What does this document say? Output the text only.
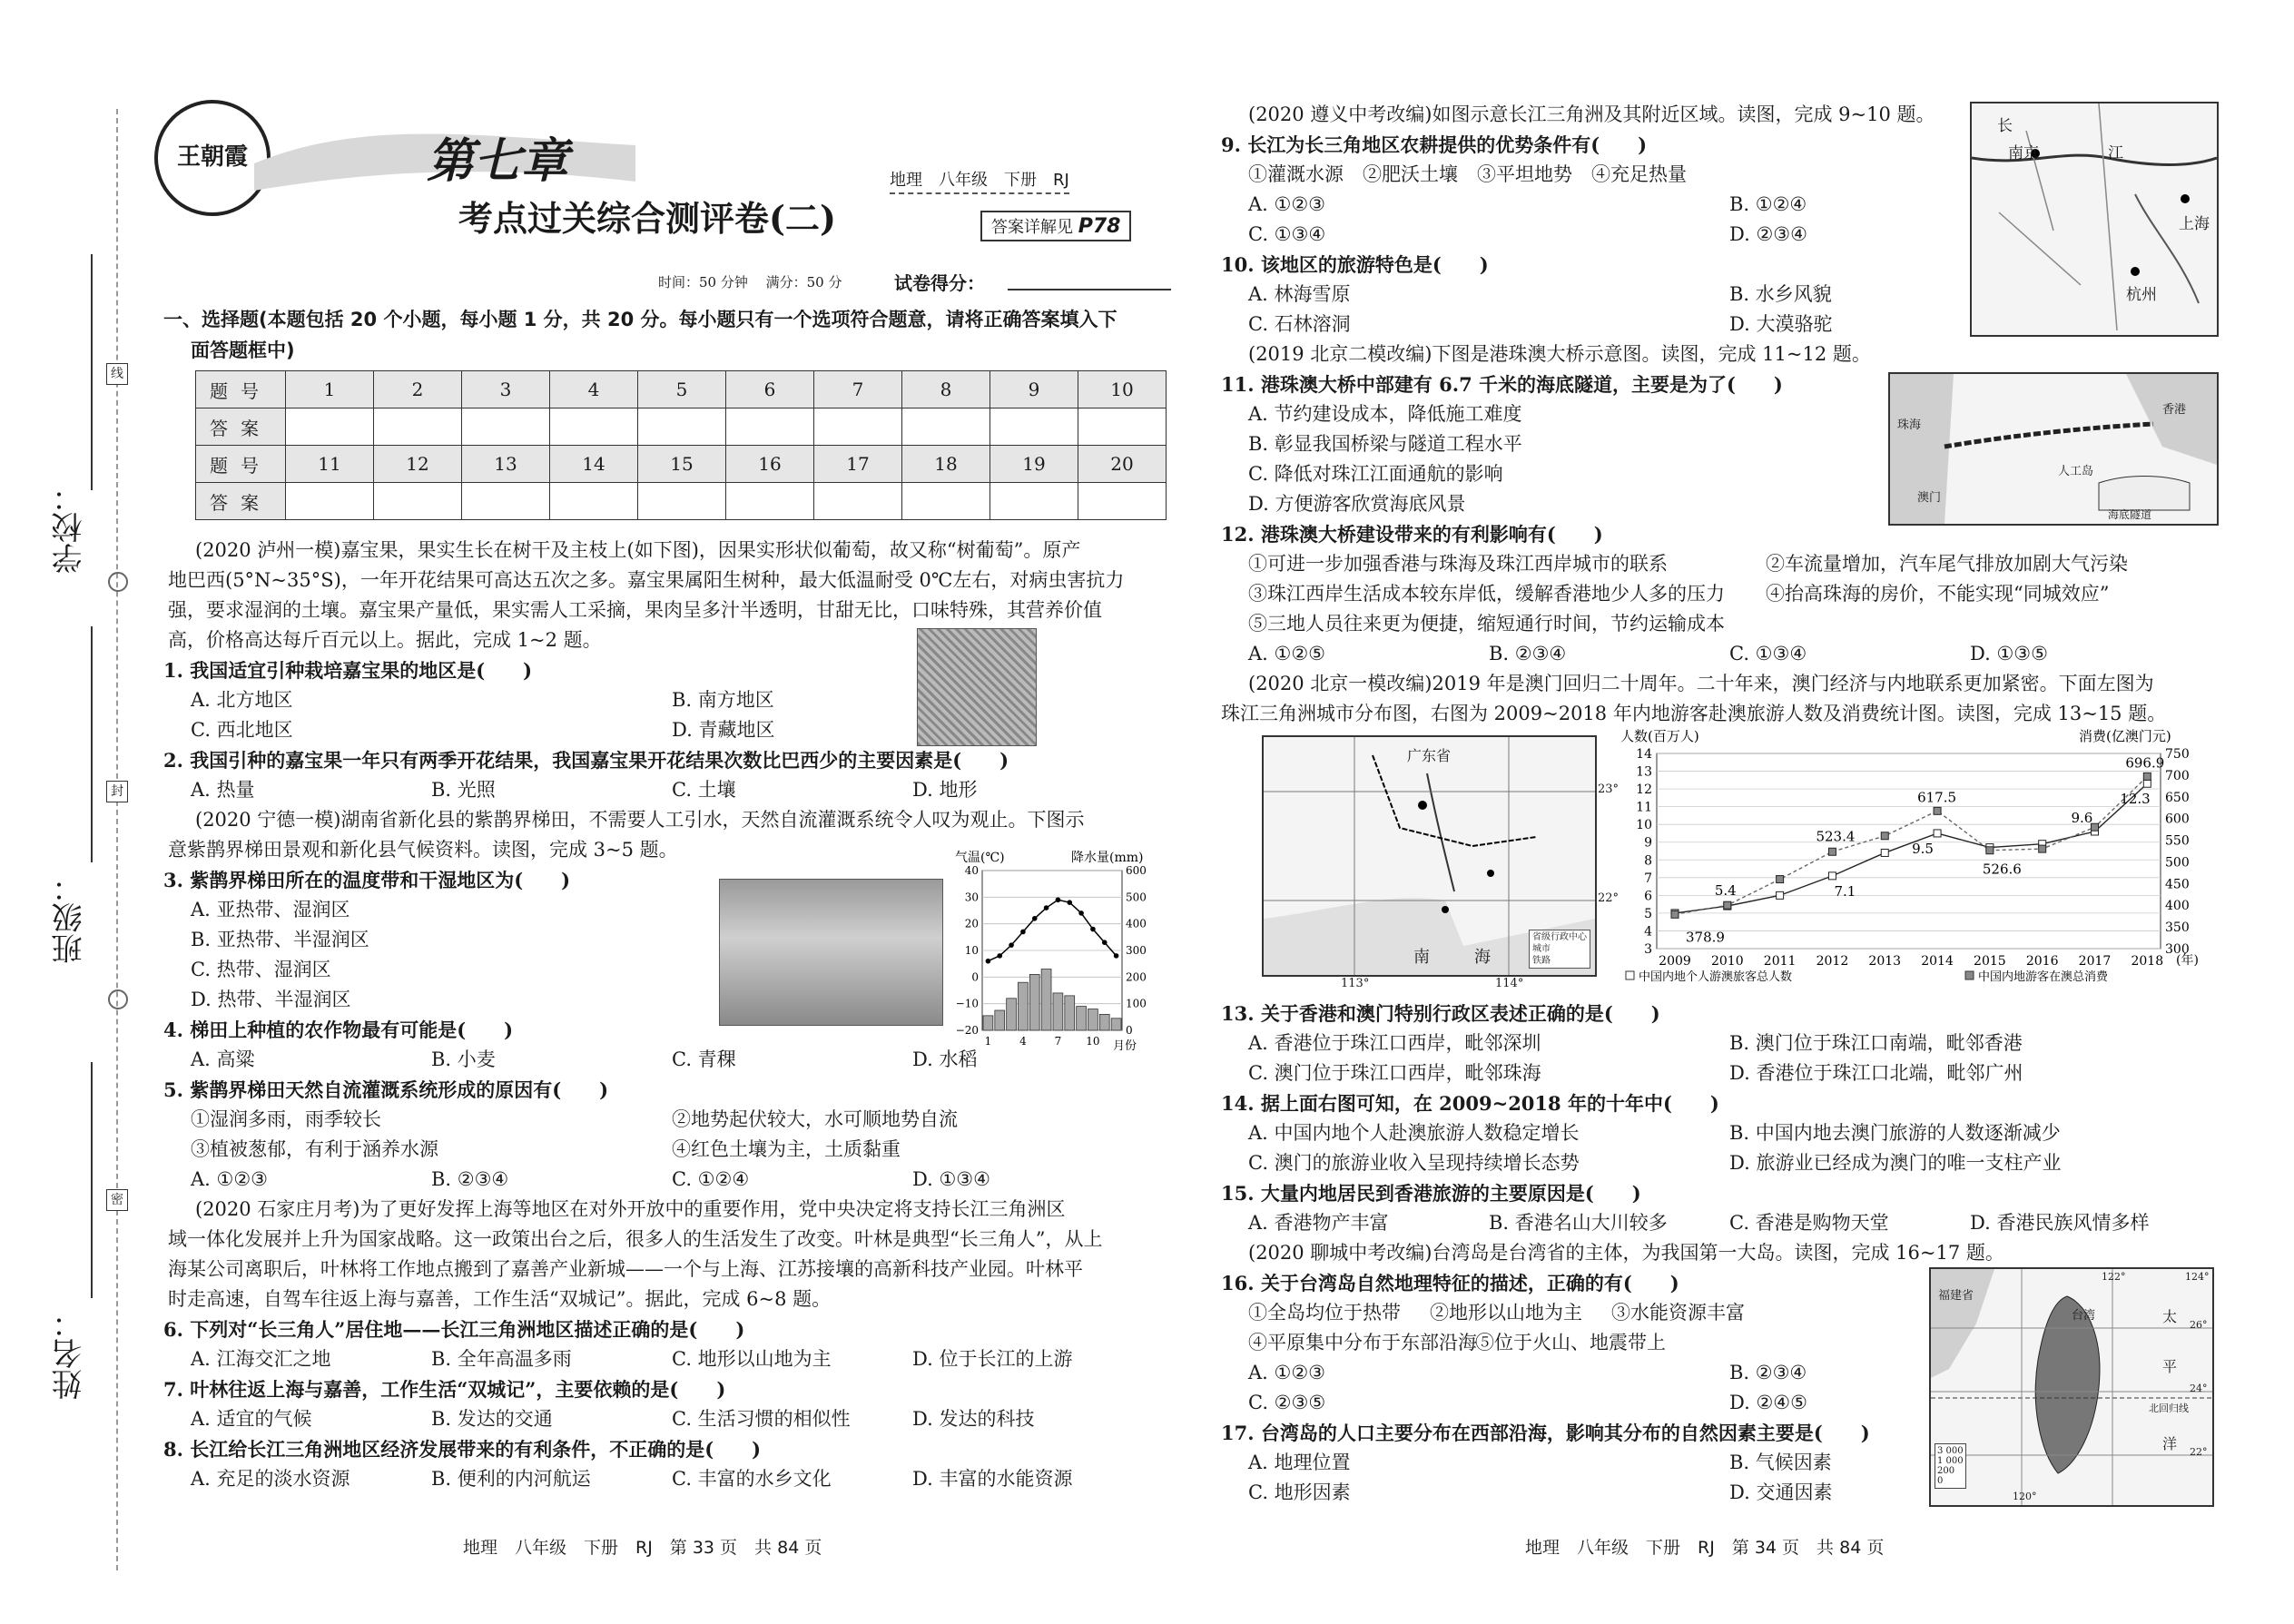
学校：
班级：
姓名：
线
封
密
王朝霞	第七章
考点过关综合测评卷(二)
地理　八年级　下册　RJ
答案详解见 P78
时间：50 分钟　 满分：50 分	试卷得分：
一、选择题(本题包括 20 个小题，每小题 1 分，共 20 分。每小题只有一个选项符合题意，请将正确答案填入下
面答题框中)
题号	1	2	3	4	5	6	7	8	9	10
答案										
题号	11	12	13	14	15	16	17	18	19	20
答案										
(2020 泸州一模)嘉宝果，果实生长在树干及主枝上(如下图)，因果实形状似葡萄，故又称“树葡萄”。原产
地巴西(5°N~35°S)，一年开花结果可高达五次之多。嘉宝果属阳生树种，最大低温耐受 0℃左右，对病虫害抗力
强，要求湿润的土壤。嘉宝果产量低，果实需人工采摘，果肉呈多汁半透明，甘甜无比，口味特殊，其营养价值
高，价格高达每斤百元以上。据此，完成 1~2 题。
1. 我国适宜引种栽培嘉宝果的地区是(　　)
A. 北方地区	B. 南方地区
C. 西北地区	D. 青藏地区
2. 我国引种的嘉宝果一年只有两季开花结果，我国嘉宝果开花结果次数比巴西少的主要因素是(　　)
A. 热量	B. 光照	C. 土壤	D. 地形
(2020 宁德一模)湖南省新化县的紫鹊界梯田，不需要人工引水，天然自流灌溉系统令人叹为观止。下图示
意紫鹊界梯田景观和新化县气候资料。读图，完成 3~5 题。
3. 紫鹊界梯田所在的温度带和干湿地区为(　　)
A. 亚热带、湿润区
B. 亚热带、半湿润区
C. 热带、湿润区
D. 热带、半湿润区
气温(℃)	降水量(mm)
40
30
20
10
0
−10
−20
600
500
400
300
200
100
0
1	4	7 10 月份
4. 梯田上种植的农作物最有可能是(　　)
A. 高粱	B. 小麦	C. 青稞	D. 水稻
5. 紫鹊界梯田天然自流灌溉系统形成的原因有(　　)
①湿润多雨，雨季较长	②地势起伏较大，水可顺地势自流
③植被葱郁，有利于涵养水源	④红色土壤为主，土质黏重
A. ①②③	B. ②③④	C. ①②④	D. ①③④
(2020 石家庄月考)为了更好发挥上海等地区在对外开放中的重要作用，党中央决定将支持长江三角洲区
域一体化发展并上升为国家战略。这一政策出台之后，很多人的生活发生了改变。叶林是典型“长三角人”，从上
海某公司离职后，叶林将工作地点搬到了嘉善产业新城——一个与上海、江苏接壤的高新科技产业园。叶林平
时走高速，自驾车往返上海与嘉善，工作生活“双城记”。据此，完成 6~8 题。
6. 下列对“长三角人”居住地——长江三角洲地区描述正确的是(　　)
A. 江海交汇之地	B. 全年高温多雨	C. 地形以山地为主	D. 位于长江的上游
7. 叶林往返上海与嘉善，工作生活“双城记”，主要依赖的是(　　)
A. 适宜的气候	B. 发达的交通	C. 生活习惯的相似性	D. 发达的科技
8. 长江给长江三角洲地区经济发展带来的有利条件，不正确的是(　　)
A. 充足的淡水资源	B. 便利的内河航运	C. 丰富的水乡文化	D. 丰富的水能资源
地理　八年级　下册　RJ　第 33 页　共 84 页
(2020 遵义中考改编)如图示意长江三角洲及其附近区域。读图，完成 9~10 题。
长
南京	江
上海
杭州
9. 长江为长三角地区农耕提供的优势条件有(　　)
①灌溉水源　②肥沃土壤　③平坦地势　④充足热量
A. ①②③	B. ①②④
C. ①③④	D. ②③④
10. 该地区的旅游特色是(　　)
A. 林海雪原	B. 水乡风貌
C. 石林溶洞	D. 大漠骆驼
(2019 北京二模改编)下图是港珠澳大桥示意图。读图，完成 11~12 题。
珠海
香港
澳门
人工岛
海底隧道
11. 港珠澳大桥中部建有 6.7 千米的海底隧道，主要是为了(　　)
A. 节约建设成本，降低施工难度
B. 彰显我国桥梁与隧道工程水平
C. 降低对珠江江面通航的影响
D. 方便游客欣赏海底风景
12. 港珠澳大桥建设带来的有利影响有(　　)
①可进一步加强香港与珠海及珠江西岸城市的联系	②车流量增加，汽车尾气排放加剧大气污染
③珠江西岸生活成本较东岸低，缓解香港地少人多的压力 ④抬高珠海的房价，不能实现“同城效应”
⑤三地人员往来更为便捷，缩短通行时间，节约运输成本
A. ①②⑤	B. ②③④	C. ①③④	D. ①③⑤
(2020 北京一模改编)2019 年是澳门回归二十周年。二十年来，澳门经济与内地联系更加紧密。下面左图为
珠江三角洲城市分布图，右图为 2009~2018 年内地游客赴澳旅游人数及消费统计图。读图，完成 13~15 题。
广东省
南	海
23°
22°
113°	114°
省级行政中心
城市
铁路
人数(百万人)	消费(亿澳门元)
14
13
12
11
10
9
8
7
6
5
4
3
750
700
650
600
550
500
450
400
350
300
2009 2010 2011 2012 2013 2014 2015 2016 2017 2018
696.9
617.5
523.4
9.6
9.5
526.6
7.1
5.4
378.9
12.3
(年)
中国内地个人游澳旅客总人数	中国内地游客在澳总消费
13. 关于香港和澳门特别行政区表述正确的是(　　)
A. 香港位于珠江口西岸，毗邻深圳	B. 澳门位于珠江口南端，毗邻香港
C. 澳门位于珠江口西岸，毗邻珠海	D. 香港位于珠江口北端，毗邻广州
14. 据上面右图可知，在 2009~2018 年的十年中(　　)
A. 中国内地个人赴澳旅游人数稳定增长	B. 中国内地去澳门旅游的人数逐渐减少
C. 澳门的旅游业收入呈现持续增长态势	D. 旅游业已经成为澳门的唯一支柱产业
15. 大量内地居民到香港旅游的主要原因是(　　)
A. 香港物产丰富	B. 香港名山大川较多	C. 香港是购物天堂	D. 香港民族风情多样
(2020 聊城中考改编)台湾岛是台湾省的主体，为我国第一大岛。读图，完成 16~17 题。
福建省
台湾	太
平
洋
120°
122°	124°
26°
24°
22°
北回归线
3 000
1 000
200
0
16. 关于台湾岛自然地理特征的描述，正确的有(　　)
①全岛均位于热带 ②地形以山地为主 ③水能资源丰富
④平原集中分布于东部沿海
⑤位于火山、地震带上
A. ①②③	B. ②③④
C. ②③⑤	D. ②④⑤
17. 台湾岛的人口主要分布在西部沿海，影响其分布的自然因素主要是(　　)
A. 地理位置	B. 气候因素
C. 地形因素	D. 交通因素
地理　八年级　下册　RJ　第 34 页　共 84 页
